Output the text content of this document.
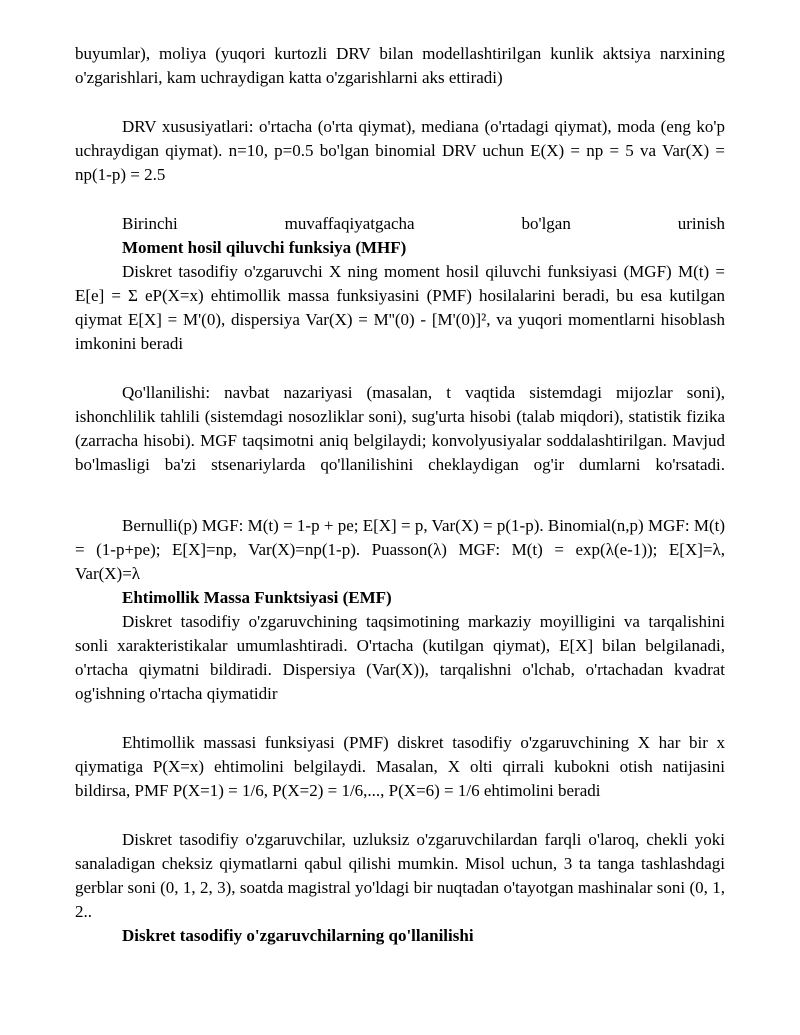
buyumlar), moliya (yuqori kurtozli DRV bilan modellashtirilgan kunlik aktsiya narxining o'zgarishlari, kam uchraydigan katta o'zgarishlarni aks ettiradi)

DRV xususiyatlari: o'rtacha (o'rta qiymat), mediana (o'rtadagi qiymat), moda (eng ko'p uchraydigan qiymat). n=10, p=0.5 bo'lgan binomial DRV uchun E(X) = np = 5 va Var(X) = np(1-p) = 2.5

Birinchi muvaffaqiyatgacha bo'lgan urinish

Moment hosil qiluvchi funksiya (MHF)

Diskret tasodifiy o'zgaruvchi X ning moment hosil qiluvchi funksiyasi (MGF) M(t) = E[e] = Σ eP(X=x) ehtimollik massa funksiyasini (PMF) hosilalarini beradi, bu esa kutilgan qiymat E[X] = M'(0), dispersiya Var(X) = M''(0) - [M'(0)]², va yuqori momentlarni hisoblash imkonini beradi

Qo'llanilishi: navbat nazariyasi (masalan, t vaqtida sistemdagi mijozlar soni), ishonchlilik tahlili (sistemdagi nosozliklar soni), sug'urta hisobi (talab miqdori), statistik fizika (zarracha hisobi). MGF taqsimotni aniq belgilaydi; konvolyusiyalar soddalashtirilgan. Mavjud bo'lmasligi ba'zi stsenariylarda qo'llanilishini cheklaydigan og'ir dumlarni ko'rsatadi.

Bernulli(p) MGF: M(t) = 1-p + pe; E[X] = p, Var(X) = p(1-p). Binomial(n,p) MGF: M(t) = (1-p+pe); E[X]=np, Var(X)=np(1-p). Puasson(λ) MGF: M(t) = exp(λ(e-1)); E[X]=λ, Var(X)=λ

Ehtimollik Massa Funktsiyasi (EMF)

Diskret tasodifiy o'zgaruvchining taqsimotining markaziy moyilligini va tarqalishini sonli xarakteristikalar umumlashtiradi. O'rtacha (kutilgan qiymat), E[X] bilan belgilanadi, o'rtacha qiymatni bildiradi. Dispersiya (Var(X)), tarqalishni o'lchab, o'rtachadan kvadrat og'ishning o'rtacha qiymatidir

Ehtimollik massasi funksiyasi (PMF) diskret tasodifiy o'zgaruvchining X har bir x qiymatiga P(X=x) ehtimolini belgilaydi. Masalan, X olti qirrali kubokni otish natijasini bildirsa, PMF P(X=1) = 1/6, P(X=2) = 1/6,..., P(X=6) = 1/6 ehtimolini beradi

Diskret tasodifiy o'zgaruvchilar, uzluksiz o'zgaruvchilardan farqli o'laroq, chekli yoki sanaladigan cheksiz qiymatlarni qabul qilishi mumkin. Misol uchun, 3 ta tanga tashlashdagi gerblar soni (0, 1, 2, 3), soatda magistral yo'ldagi bir nuqtadan o'tayotgan mashinalar soni (0, 1, 2..

Diskret tasodifiy o'zgaruvchilarning qo'llanilishi
